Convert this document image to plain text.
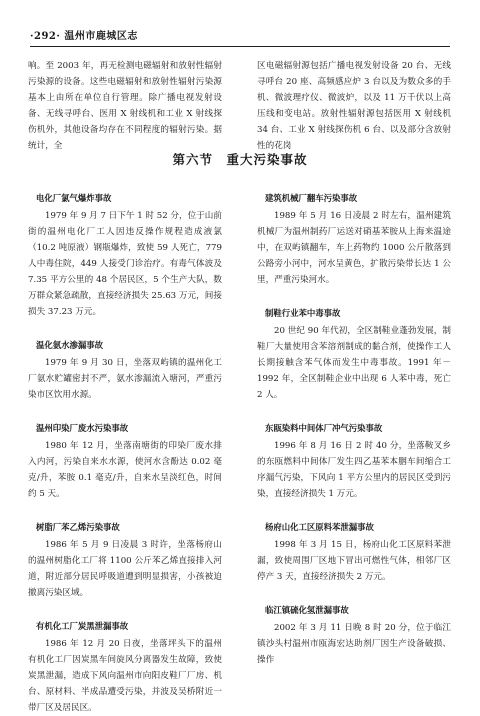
·292· 温州市鹿城区志

响。至 2003 年，再无检测电磁辐射和放射性辐射污染源的设备。这些电磁辐射和放射性辐射污染源基本上由所在单位自行管理。除广播电视发射设备、无线寻呼台、医用 X 射线机和工业 X 射线探伤机外，其他设备均存在不同程度的辐射污染。据统计，全

区电磁辐射源包括广播电视发射设备 20 台、无线寻呼台 20 座、高频感应炉 3 台以及为数众多的手机、微波理疗仪、微波炉，以及 11 万千伏以上高压线和变电站。放射性辐射源包括医用 X 射线机 34 台、工业 X 射线探伤机 6 台、以及部分含放射性的花岗

第六节　重大污染事故

电化厂氯气爆炸事故

1979 年 9 月 7 日下午 1 时 52 分，位于山前街的温州电化厂工人因违反操作规程造成液氯（10.2 吨原液）钢瓶爆炸，致使 59 人死亡，779 人中毒住院，449 人接受门诊治疗。有毒气体波及 7.35 平方公里的 48 个居民区，5 个生产大队，数万群众紧急疏散，直接经济损失 25.63 万元，间接损失 37.23 万元。

温化氨水渗漏事故

1979 年 9 月 30 日，坐落双屿镇的温州化工厂氨水贮罐密封不严，氨水渗漏流入塘河，严重污染市区饮用水源。

温州印染厂废水污染事故

1980 年 12 月，坐落南塘街的印染厂废水排入内河，污染自来水水源，使河水含酚达 0.02 毫克/升，苯胺 0.1 毫克/升，自来水呈淡红色，时间约 5 天。

树脂厂苯乙烯污染事故

1986 年 5 月 9 日凌晨 3 时许，坐落杨府山的温州树脂化工厂将 1100 公斤苯乙烯直接排入河道，附近部分居民呼吸道遭到明显损害，小孩被迫撤离污染区域。

有机化工厂炭黑泄漏事故

1986 年 12 月 20 日夜，坐落坪头下的温州有机化工厂因炭黑车间旋风分离器发生故障，致使炭黑泄漏，造成下风向温州市向阳皮鞋厂厂房、机台、原材料、半成品遭受污染，并波及吴桥附近一带厂区及居民区。

建筑机械厂翻车污染事故

1989 年 5 月 16 日凌晨 2 时左右，温州建筑机械厂为温州制药厂运送对硝基苯胺从上海来温途中，在双屿镇翻车，车上药物约 1000 公斤散落到公路旁小河中，河水呈黄色，扩散污染带长达 1 公里，严重污染河水。

制鞋行业苯中毒事故

20 世纪 90 年代初，全区制鞋业蓬勃发展，制鞋厂大量使用含苯溶剂制成的黏合剂，使操作工人长期接触含苯气体而发生中毒事故。1991 年－1992 年，全区制鞋企业中出现 6 人苯中毒，死亡 2 人。

东瓯染料中间体厂冲气污染事故

1996 年 8 月 16 日 2 时 40 分，坐落鞍叉乡的东瓯燃料中间体厂发生四乙基苯本胭车间缩合工序漏气污染，下风向 1 平方公里内的居民区受到污染，直接经济损失 1 万元。

杨府山化工区原料苯泄漏事故

1998 年 3 月 15 日，杨府山化工区原料苯泄漏，致使周围厂区地下冒出可燃性气体，相邻厂区停产 3 天，直接经济损失 2 万元。

临江镇硫化氢泄漏事故

2002 年 3 月 11 日晚 8 时 20 分，位于临江镇沙头村温州市瓯海宏达助剂厂因生产设备破损、操作
